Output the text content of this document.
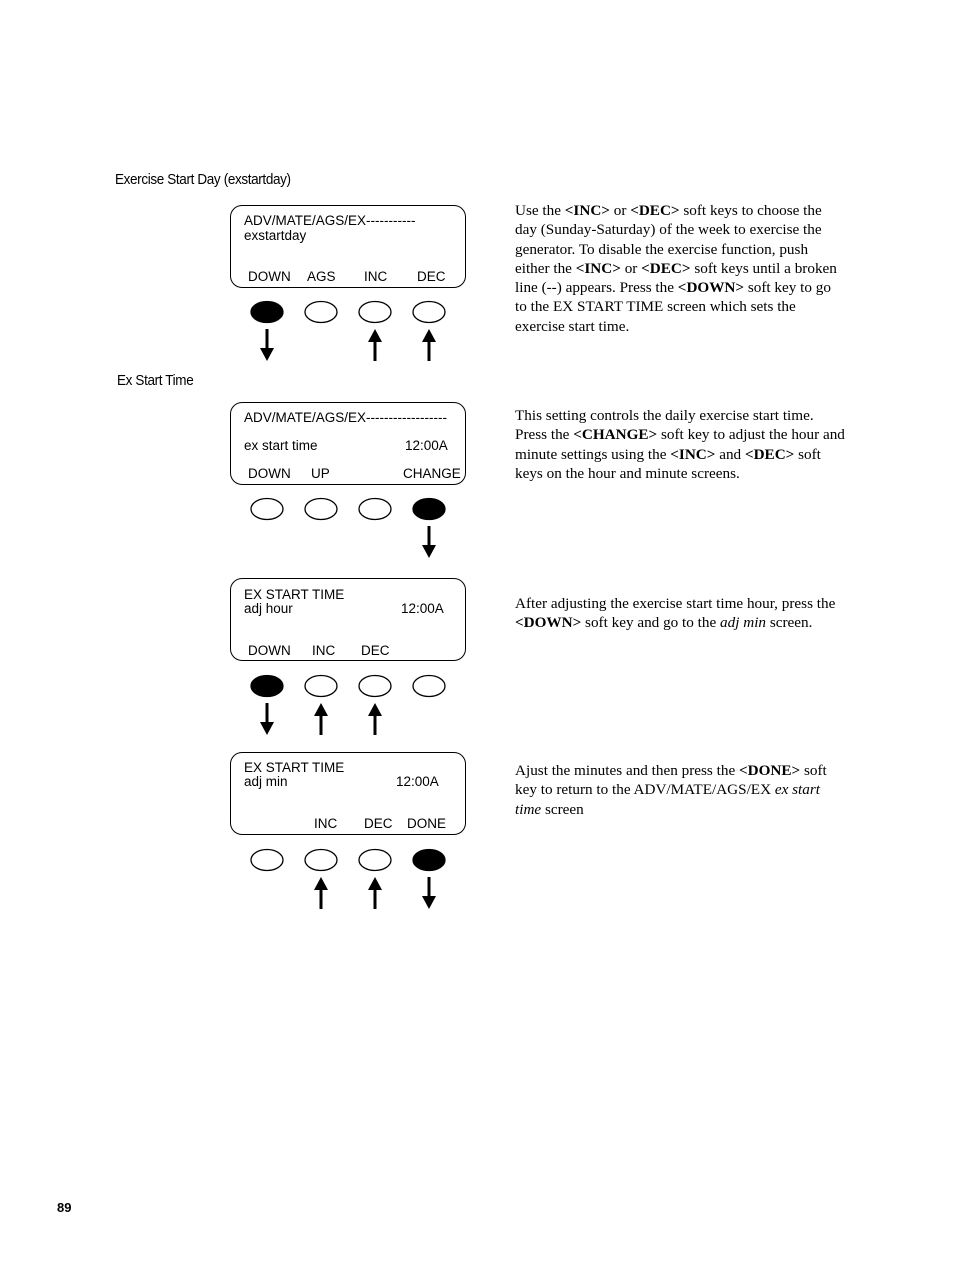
Exercise Start Day (exstartday)
Ex Start Time
ADV/MATE/AGS/EX-----------
exstartday
DOWN AGS INC DEC
ADV/MATE/AGS/EX------------------
ex start time	12:00A
DOWN UP	CHANGE
EX START TIME
adj hour	12:00A
DOWN INC DEC
EX START TIME
adj min	12:00A
INC DEC DONE
Use the <INC> or <DEC> soft keys to choose the day (Sunday-Saturday) of the week to exercise the generator. To disable the exercise function, push either the <INC> or <DEC> soft keys until a broken line (--) appears. Press the <DOWN> soft key to go to the EX START TIME screen which sets the exercise start time.
This setting controls the daily exercise start time. Press the <CHANGE> soft key to adjust the hour and minute settings using the <INC> and <DEC> soft keys on the hour and minute screens.
After adjusting the exercise start time hour, press the <DOWN> soft key and go to the adj min screen.
Ajust the minutes and then press the <DONE> soft key to return to the ADV/MATE/AGS/EX ex start time screen
89
